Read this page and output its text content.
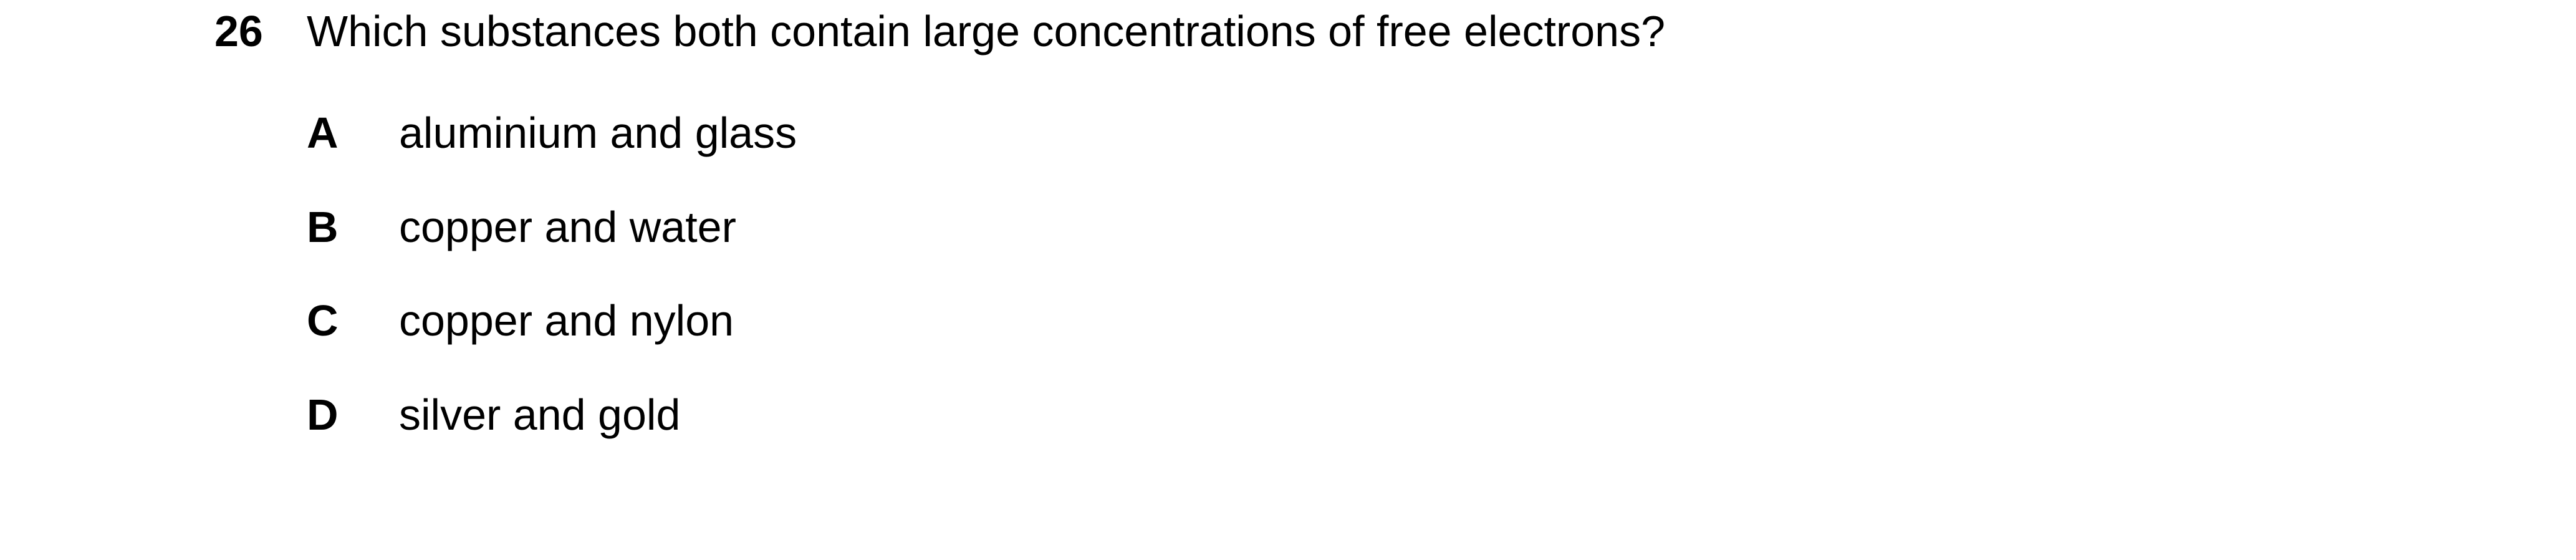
26 Which substances both contain large concentrations of free electrons?
A aluminium and glass
B copper and water
C copper and nylon
D silver and gold
